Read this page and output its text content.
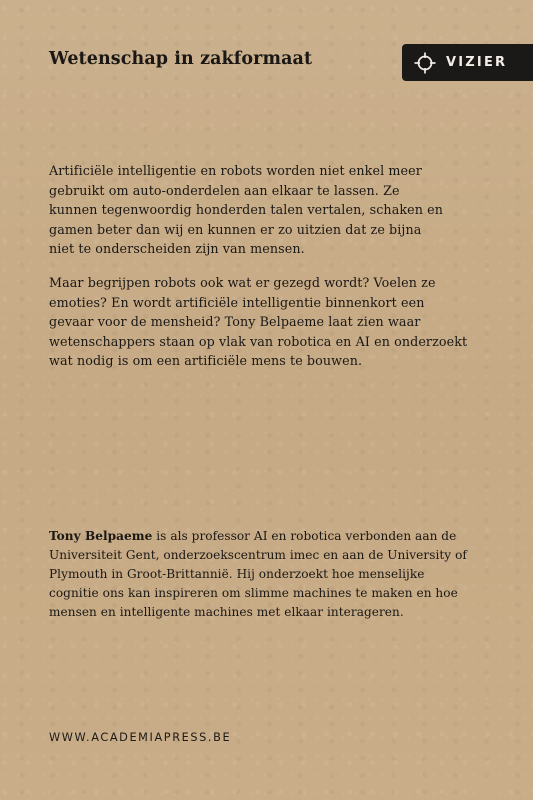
Wetenschap in zakformaat	VIZIER

Artificiële intelligentie en robots worden niet enkel meer gebruikt om auto-onderdelen aan elkaar te lassen. Ze kunnen tegenwoordig honderden talen vertalen, schaken en gamen beter dan wij en kunnen er zo uitzien dat ze bijna niet te onderscheiden zijn van mensen.

Maar begrijpen robots ook wat er gezegd wordt? Voelen ze emoties? En wordt artificiële intelligentie binnenkort een gevaar voor de mensheid? Tony Belpaeme laat zien waar wetenschappers staan op vlak van robotica en AI en onderzoekt wat nodig is om een artificiële mens te bouwen.

Tony Belpaeme is als professor AI en robotica verbonden aan de Universiteit Gent, onderzoekscentrum imec en aan de University of Plymouth in Groot-Brittannië. Hij onderzoekt hoe menselijke cognitie ons kan inspireren om slimme machines te maken en hoe mensen en intelligente machines met elkaar interageren.

WWW.ACADEMIAPRESS.BE
